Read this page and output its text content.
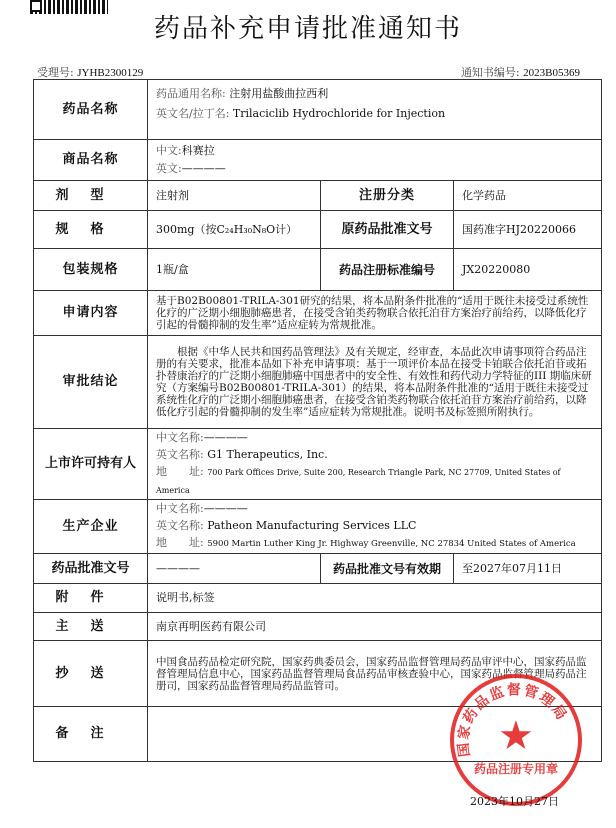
药品补充申请批准通知书
受理号: JYHB2300129	通知书编号: 2023B05369
药品名称	药品通用名称: 注射用盐酸曲拉西利
英文名/拉丁名: Trilaciclib Hydrochloride for Injection		

商品名称	中文:科赛拉
英文:————		

剂型	注射剂	注册分类	化学药品
规格	300mg（按C₂₄H₃₀N₈O计）	原药品批准文号	国药准字HJ20220066
包装规格	1瓶/盒	药品注册标准编号	JX20220080
申请内容	基于B02B00801-TRILA-301研究的结果，将本品附条件批准的“适用于既往未接受过系统性化疗的广泛期小细胞肺癌患者，在接受含铂类药物联合依托泊苷方案治疗前给药，以降低化疗引起的骨髓抑制的发生率”适应症转为常规批准。		
审批结论	根据《中华人民共和国药品管理法》及有关规定，经审查，本品此次申请事项符合药品注册的有关要求，批准本品如下补充申请事项：基于一项评价本品在接受卡铂联合依托泊苷或拓扑替康治疗的广泛期小细胞肺癌中国患者中的安全性、有效性和药代动力学特征的III 期临床研究（方案编号B02B00801-TRILA-301）的结果，将本品附条件批准的“适用于既往未接受过系统性化疗的广泛期小细胞肺癌患者，在接受含铂类药物联合依托泊苷方案治疗前给药，以降低化疗引起的骨髓抑制的发生率”适应症转为常规批准。说明书及标签照所附执行。		
上市许可持有人	中文名称:————
英文名称: G1 Therapeutics, Inc.
地　　址: 700 Park Offices Drive, Suite 200, Research Triangle Park, NC 27709, United States of America		

生产企业	中文名称:————
英文名称: Patheon Manufacturing Services LLC
地　　址: 5900 Martin Luther King Jr. Highway Greenville, NC 27834 United States of America		

药品批准文号	————	药品批准文号有效期	至2027年07月11日
附件	说明书,标签		
主送	南京再明医药有限公司		
抄送	中国食品药品检定研究院，国家药典委员会，国家药品监督管理局药品审评中心，国家药品监督管理局信息中心，国家药品监督管理局食品药品审核查验中心，国家药品监督管理局药品注册司，国家药品监督管理局药品监管司。		
备注			
国家药品监督管理局
★
药品注册专用章
2023年10月27日
